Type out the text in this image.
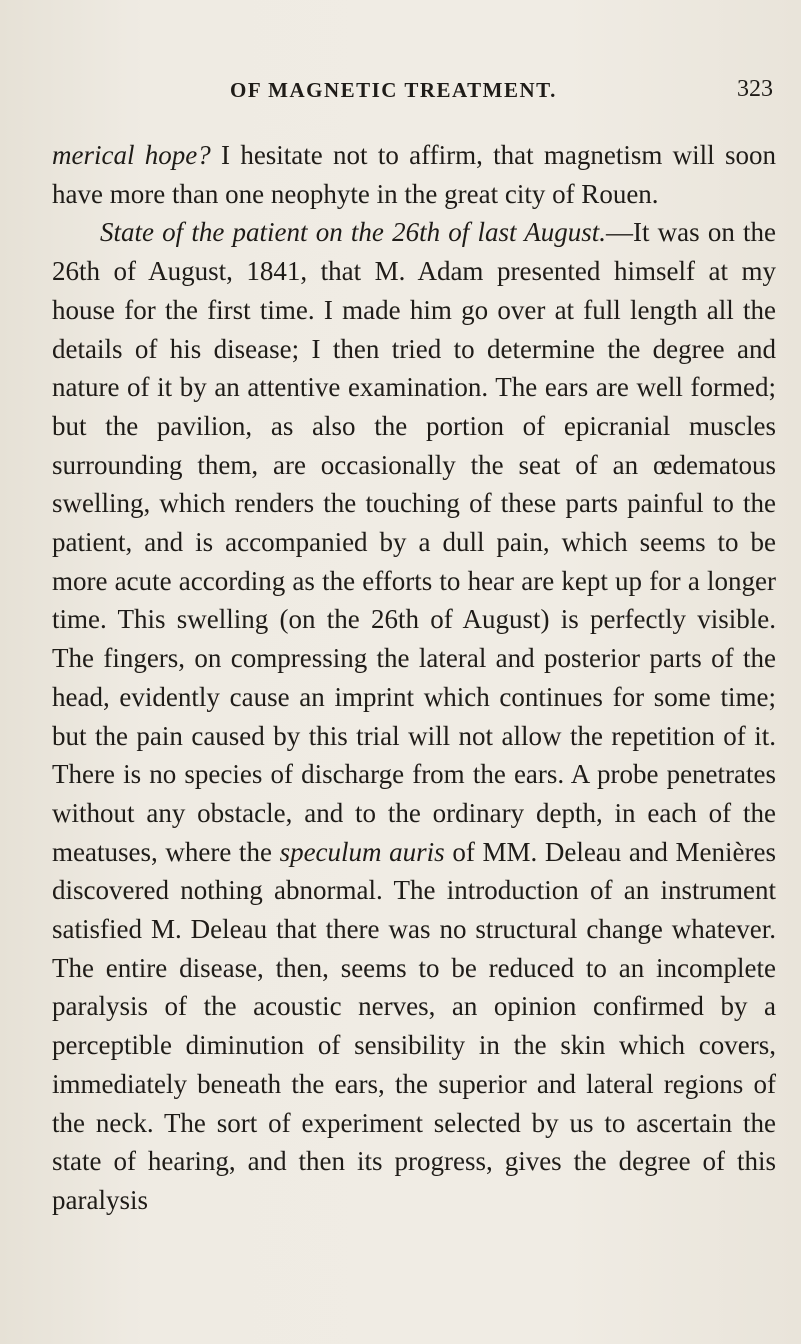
OF MAGNETIC TREATMENT.	323

merical hope? I hesitate not to affirm, that magnetism will soon have more than one neophyte in the great city of Rouen.

State of the patient on the 26th of last August.—It was on the 26th of August, 1841, that M. Adam presented himself at my house for the first time. I made him go over at full length all the details of his disease; I then tried to determine the degree and nature of it by an attentive examination. The ears are well formed; but the pavilion, as also the portion of epicranial muscles surrounding them, are occasionally the seat of an œdematous swelling, which renders the touching of these parts painful to the patient, and is accompanied by a dull pain, which seems to be more acute according as the efforts to hear are kept up for a longer time. This swelling (on the 26th of August) is perfectly visible. The fingers, on compressing the lateral and posterior parts of the head, evidently cause an imprint which continues for some time; but the pain caused by this trial will not allow the repetition of it. There is no species of discharge from the ears. A probe penetrates without any obstacle, and to the ordinary depth, in each of the meatuses, where the speculum auris of MM. Deleau and Menières discovered nothing abnormal. The introduction of an instrument satisfied M. Deleau that there was no structural change whatever. The entire disease, then, seems to be reduced to an incomplete paralysis of the acoustic nerves, an opinion confirmed by a perceptible diminution of sensibility in the skin which covers, immediately beneath the ears, the superior and lateral regions of the neck. The sort of experiment selected by us to ascertain the state of hearing, and then its progress, gives the degree of this paralysis
